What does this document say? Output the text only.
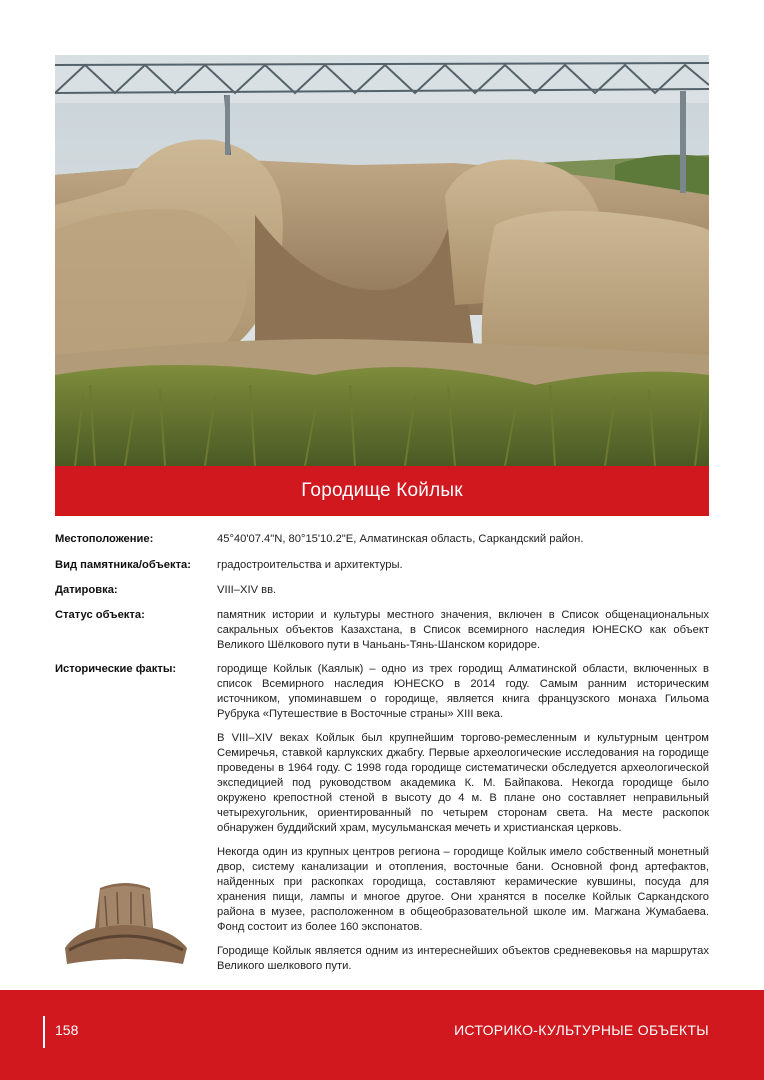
Городище Койлык
Местоположение:	45°40'07.4"N, 80°15'10.2"E, Алматинская область, Саркандский район.
Вид памятника/объекта:	градостроительства и архитектуры.
Датировка:	VIII–XIV вв.
Статус объекта:	памятник истории и культуры местного значения, включен в Список общенациональных сакральных объектов Казахстана, в Список всемирного наследия ЮНЕСКО как объект Великого Шёлкового пути в Чаньань-Тянь-Шанском коридоре.
Исторические факты:	городище Койлык (Каялык) – одно из трех городищ Алматинской области, включенных в список Всемирного наследия ЮНЕСКО в 2014 году. Самым ранним историческим источником, упоминавшем о городище, является книга французского монаха Гильома Рубрука «Путешествие в Восточные страны» XIII века.

В VIII–XIV веках Койлык был крупнейшим торгово-ремесленным и культурным центром Семиречья, ставкой карлукских джабгу. Первые археологические исследования на городище проведены в 1964 году. С 1998 года городище систематически обследуется археологической экспедицией под руководством академика К. М. Байпакова. Некогда городище было окружено крепостной стеной в высоту до 4 м. В плане оно составляет неправильный четырехугольник, ориентированный по четырем сторонам света. На месте раскопок обнаружен буддийский храм, мусульманская мечеть и христианская церковь.

Некогда один из крупных центров региона – городище Койлык имело собственный монетный двор, систему канализации и отопления, восточные бани. Основной фонд артефактов, найденных при раскопках городища, составляют керамические кувшины, посуда для хранения пищи, лампы и многое другое. Они хранятся в поселке Койлык Саркандского района в музее, расположенном в общеобразовательной школе им. Магжана Жумабаева. Фонд состоит из более 160 экспонатов.

Городище Койлык является одним из интереснейших объектов средневековья на маршрутах Великого шелкового пути.

158	ИСТОРИКО-КУЛЬТУРНЫЕ ОБЪЕКТЫ
